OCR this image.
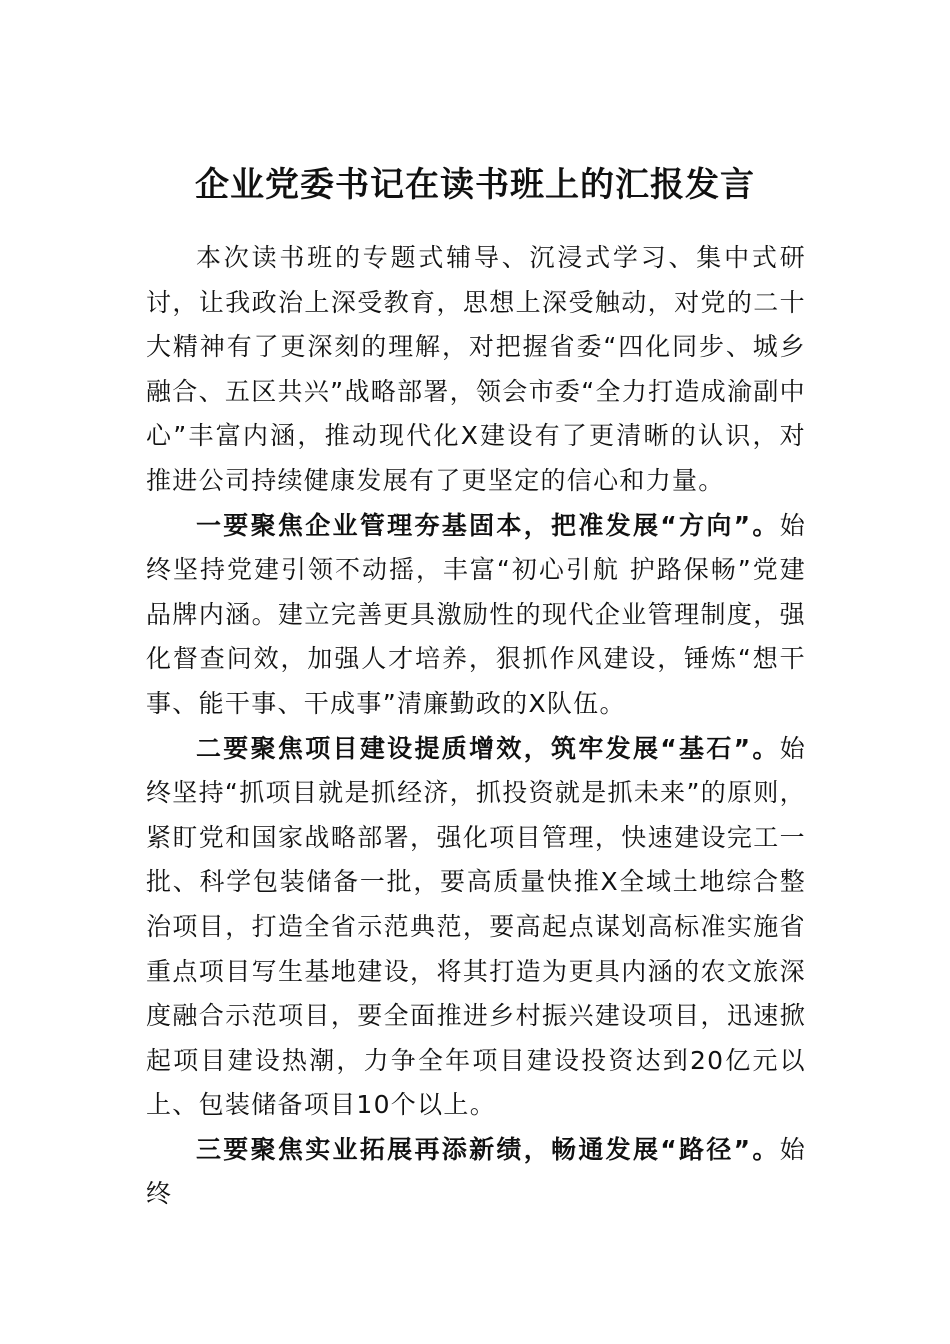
企业党委书记在读书班上的汇报发言

本次读书班的专题式辅导、沉浸式学习、集中式研讨，让我政治上深受教育，思想上深受触动，对党的二十大精神有了更深刻的理解，对把握省委“四化同步、城乡融合、五区共兴”战略部署，领会市委“全力打造成渝副中心”丰富内涵，推动现代化X建设有了更清晰的认识，对推进公司持续健康发展有了更坚定的信心和力量。

一要聚焦企业管理夯基固本，把准发展“方向”。始终坚持党建引领不动摇，丰富“初心引航 护路保畅”党建品牌内涵。建立完善更具激励性的现代企业管理制度，强化督查问效，加强人才培养，狠抓作风建设，锤炼“想干事、能干事、干成事”清廉勤政的X队伍。

二要聚焦项目建设提质增效，筑牢发展“基石”。始终坚持“抓项目就是抓经济，抓投资就是抓未来”的原则，紧盯党和国家战略部署，强化项目管理，快速建设完工一批、科学包装储备一批，要高质量快推X全域土地综合整治项目，打造全省示范典范，要高起点谋划高标准实施省重点项目写生基地建设，将其打造为更具内涵的农文旅深度融合示范项目，要全面推进乡村振兴建设项目，迅速掀起项目建设热潮，力争全年项目建设投资达到20亿元以上、包装储备项目10个以上。

三要聚焦实业拓展再添新绩，畅通发展“路径”。始终
